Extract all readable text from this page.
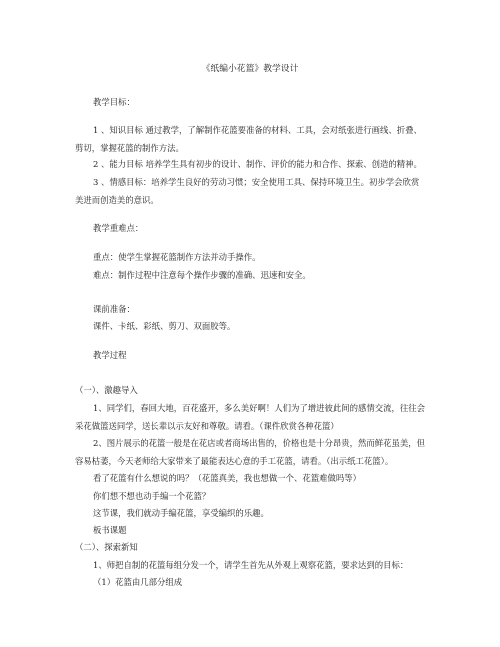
《纸编小花篮》教学设计
教学目标：
1 、知识目标 通过教学，了解制作花篮要准备的材料、工具，会对纸张进行画线、折叠、
剪切，掌握花篮的制作方法。
2 、能力目标 培养学生具有初步的设计、制作、评价的能力和合作、探索、创造的精神。
3 、情感目标：培养学生良好的劳动习惯；安全使用工具、保持环境卫生。初步学会欣赏
美进而创造美的意识。
教学重难点：
重点：使学生掌握花篮制作方法并动手操作。
难点：制作过程中注意每个操作步骤的准确、迅速和安全。
课前准备：
课件、卡纸、彩纸、剪刀、双面胶等。
教学过程
（一）、激趣导入
1、同学们，春回大地，百花盛开，多么美好啊！人们为了增进彼此间的感情交流，往往会
采花做篮送同学，送长辈以示友好和尊敬。请看。（课件欣赏各种花篮）
2、图片展示的花篮一般是在花店或者商场出售的，价格也是十分昂贵，然而鲜花虽美，但
容易枯萎，今天老师给大家带来了最能表达心意的手工花篮，请看。（出示纸工花篮）。
看了花篮有什么想说的吗？（花篮真美，我也想做一个、花篮难做吗等）
你们想不想也动手编一个花篮？
这节课，我们就动手编花篮，享受编织的乐趣。
板书课题
（二）、探索新知
1、师把自制的花篮每组分发一个，请学生首先从外观上观察花篮，要求达到的目标：
（1）花篮由几部分组成
